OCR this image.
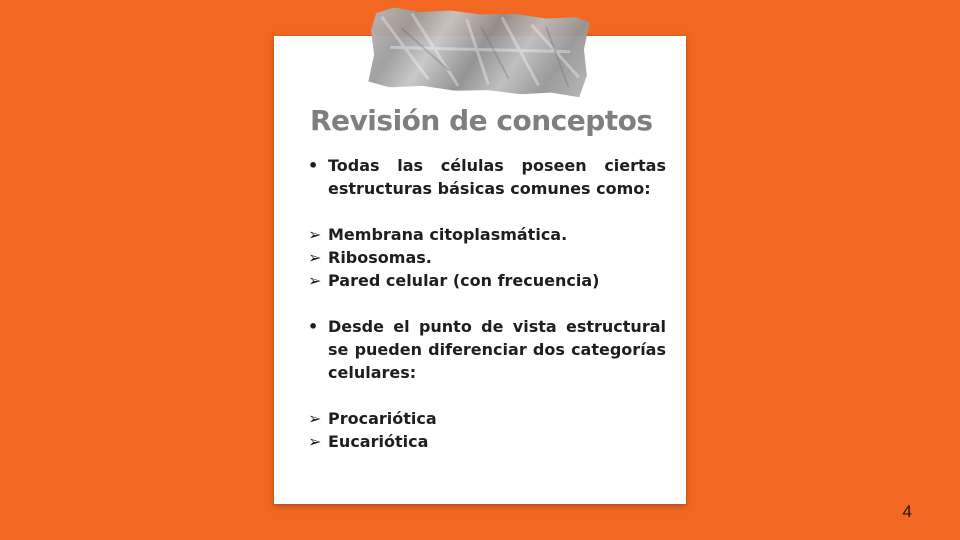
Revisión de conceptos
• Todas las células poseen ciertas estructuras básicas comunes como:
➢ Membrana citoplasmática.
➢ Ribosomas.
➢ Pared celular (con frecuencia)
• Desde el punto de vista estructural se pueden diferenciar dos categorías celulares:
➢ Procariótica
➢ Eucariótica
4
